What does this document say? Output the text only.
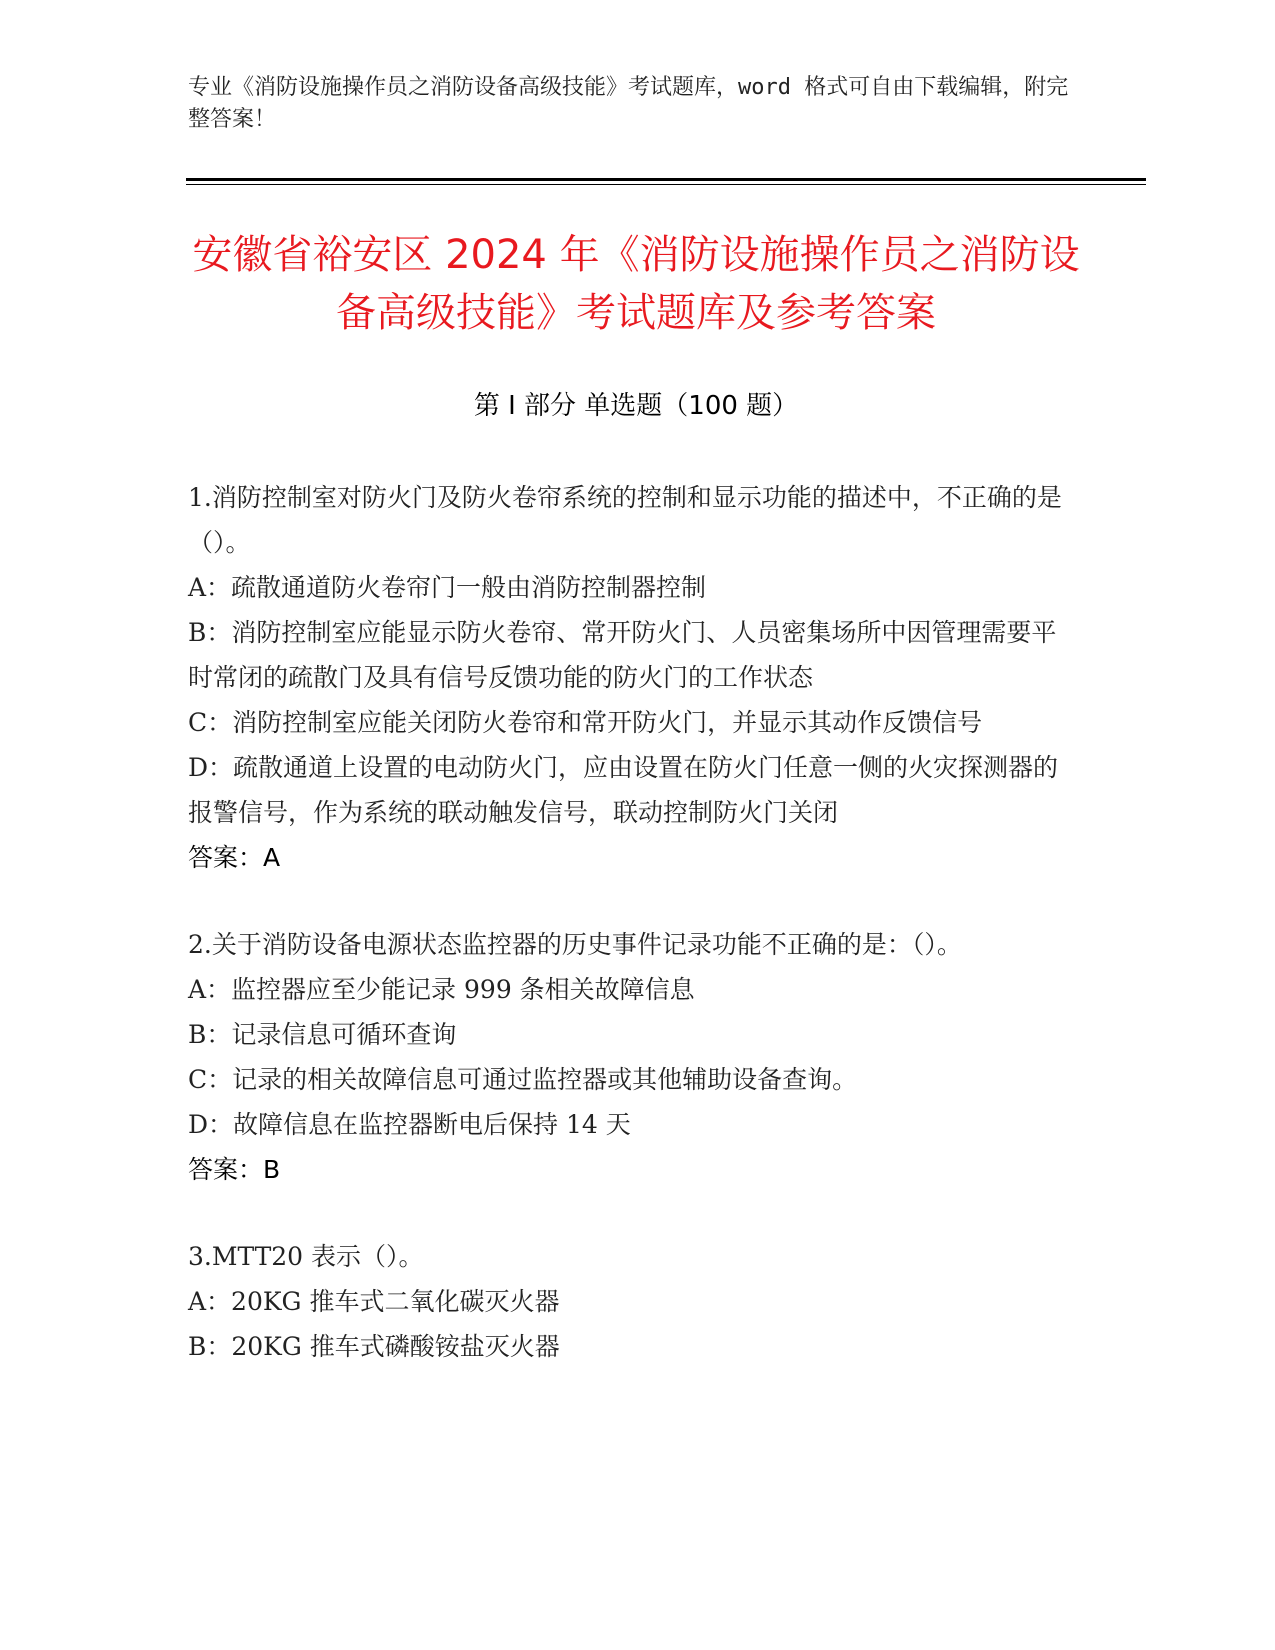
专业《消防设施操作员之消防设备高级技能》考试题库，word 格式可自由下载编辑，附完整答案！
安徽省裕安区 2024 年《消防设施操作员之消防设备高级技能》考试题库及参考答案
第 I 部分 单选题（100 题）

1.消防控制室对防火门及防火卷帘系统的控制和显示功能的描述中，不正确的是（）。

A：疏散通道防火卷帘门一般由消防控制器控制

B：消防控制室应能显示防火卷帘、常开防火门、人员密集场所中因管理需要平时常闭的疏散门及具有信号反馈功能的防火门的工作状态

C：消防控制室应能关闭防火卷帘和常开防火门，并显示其动作反馈信号

D：疏散通道上设置的电动防火门，应由设置在防火门任意一侧的火灾探测器的报警信号，作为系统的联动触发信号，联动控制防火门关闭

答案：A

2.关于消防设备电源状态监控器的历史事件记录功能不正确的是：（）。

A：监控器应至少能记录 999 条相关故障信息

B：记录信息可循环查询

C：记录的相关故障信息可通过监控器或其他辅助设备查询。

D：故障信息在监控器断电后保持 14 天

答案：B

3.MTT20 表示（）。

A：20KG 推车式二氧化碳灭火器

B：20KG 推车式磷酸铵盐灭火器
